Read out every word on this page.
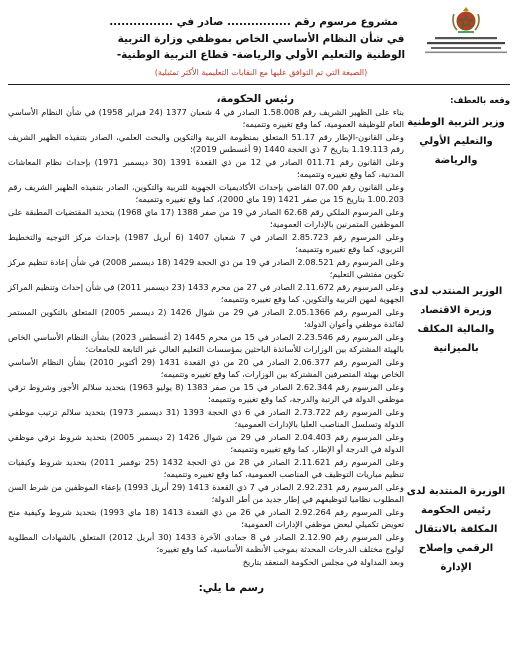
مشروع مرسوم رقم ................ صادر في ................
في شأن النظام الأساسي الخاص بموظفي وزارة التربية الوطنية والتعليم الأولي والرياضة- قطاع التربية الوطنية-
(الصيغة التي تم التوافق عليها مع النقابات التعليمية الأكثر تمثيلية)
وقعه بالعطف:
وزير التربية الوطنية والتعليم الأولي والرياضة
الوزير المنتدب لدى وزيرة الاقتصاد والمالية المكلف بالميزانية
الوزيرة المنتدبة لدى رئيس الحكومة المكلفة بالانتقال الرقمي وإصلاح الإدارة
رئيس الحكومة،
بناء على الظهير الشريف رقم 1.58.008 الصادر في 4 شعبان 1377 (24 فبراير 1958) في شأن النظام الأساسي العام للوظيفة العمومية، كما وقع تغييره وتتميمه؛
وعلى القانون-الإطار رقم 51.17 المتعلق بمنظومة التربية والتكوين والبحث العلمي، الصادر بتنفيذه الظهير الشريف رقم 1.19.113 بتاريخ 7 ذي الحجة 1440 (9 أغسطس 2019)؛
وعلى القانون رقم 011.71 الصادر في 12 من ذي القعدة 1391 (30 ديسمبر 1971) بإحداث نظام المعاشات المدنية، كما وقع تغييره وتتميمه؛
وعلى القانون رقم 07.00 القاضي بإحداث الأكاديميات الجهوية للتربية والتكوين، الصادر بتنفيذه الظهير الشريف رقم 1.00.203 بتاريخ 15 من صفر 1421 (19 ماي 2000)، كما وقع تغييره وتتميمه؛
وعلى المرسوم الملكي رقم 62.68 الصادر في 19 من صفر 1388 (17 ماي 1968) بتحديد المقتضيات المطبقة على الموظفين المتمرنين بالإدارات العمومية؛
وعلى المرسوم رقم 2.85.723 الصادر في 7 شعبان 1407 (6 أبريل 1987) بإحداث مركز التوجيه والتخطيط التربوي، كما وقع تغييره وتتميمه؛
وعلى المرسوم رقم 2.08.521 الصادر في 19 من ذي الحجة 1429 (18 ديسمبر 2008) في شأن إعادة تنظيم مركز تكوين مفتشي التعليم؛
وعلى المرسوم رقم 2.11.672 الصادر في 27 من محرم 1433 (23 ديسمبر 2011) في شأن إحداث وتنظيم المراكز الجهوية لمهن التربية والتكوين، كما وقع تغييره وتتميمه؛
وعلى المرسوم رقم 2.05.1366 الصادر في 29 من شوال 1426 (2 ديسمبر 2005) المتعلق بالتكوين المستمر لفائدة موظفي وأعوان الدولة؛
وعلى المرسوم رقم 2.23.546 الصادر في 15 من محرم 1445 (2 أغسطس 2023) بشأن النظام الأساسي الخاص بالهيئة المشتركة بين الوزارات للأساتذة الباحثين بمؤسسات التعليم العالي غير التابعة للجامعات؛
وعلى المرسوم رقم 2.06.377 الصادر في 20 من ذي القعدة 1431 (29 أكتوبر 2010) بشأن النظام الأساسي الخاص بهيئة المتصرفين المشتركة بين الوزارات، كما وقع تغييره وتتميمه؛
وعلى المرسوم رقم 2.62.344 الصادر في 15 من صفر 1383 (8 يوليو 1963) بتحديد سلالم الأجور وشروط ترقي موظفي الدولة في الرتبة والدرجة، كما وقع تغييره وتتميمه؛
وعلى المرسوم رقم 2.73.722 الصادر في 6 ذي الحجة 1393 (31 ديسمبر 1973) بتحديد سلالم ترتيب موظفي الدولة وتسلسل المناصب العليا بالإدارات العمومية؛
وعلى المرسوم رقم 2.04.403 الصادر في 29 من شوال 1426 (2 ديسمبر 2005) بتحديد شروط ترقي موظفي الدولة في الدرجة أو الإطار، كما وقع تغييره وتتميمه؛
وعلى المرسوم رقم 2.11.621 الصادر في 28 من ذي الحجة 1432 (25 نوفمبر 2011) بتحديد شروط وكيفيات تنظيم مباريات التوظيف في المناصب العمومية، كما وقع تغييره وتتميمه؛
وعلى المرسوم رقم 2.92.231 الصادر في 7 ذي القعدة 1413 (29 أبريل 1993) بإعفاء الموظفين من شرط السن المطلوب نظاميا لتوظيفهم في إطار جديد من أطر الدولة؛
وعلى المرسوم رقم 2.92.264 الصادر في 26 من ذي القعدة 1413 (18 ماي 1993) بتحديد شروط وكيفية منح تعويض تكميلي لبعض موظفي الإدارات العمومية؛
وعلى المرسوم رقم 2.12.90 الصادر في 8 جمادى الآخرة 1433 (30 أبريل 2012) المتعلق بالشهادات المطلوبة لولوج مختلف الدرجات المحدثة بموجب الأنظمة الأساسية، كما وقع تغييره؛
وبعد المداولة في مجلس الحكومة المنعقد بتاريخ
رسم ما يلي:
